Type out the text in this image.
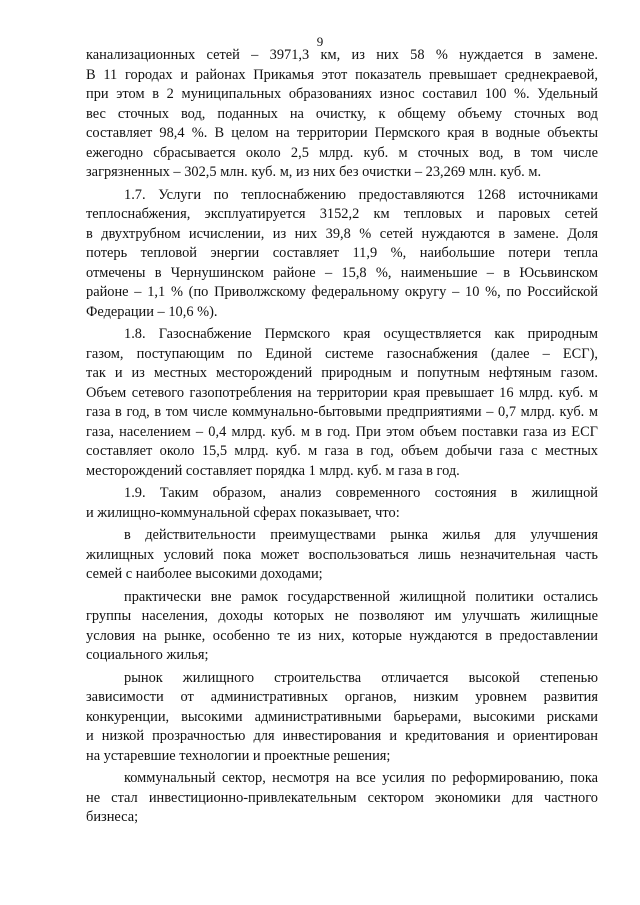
9
канализационных сетей – 3971,3 км, из них 58 % нуждается в замене.
В 11 городах и районах Прикамья этот показатель превышает среднекраевой,
при этом в 2 муниципальных образованиях износ составил 100 %. Удельный
вес сточных вод, поданных на очистку, к общему объему сточных вод
составляет 98,4 %. В целом на территории Пермского края в водные объекты
ежегодно сбрасывается около 2,5 млрд. куб. м сточных вод, в том числе
загрязненных – 302,5 млн. куб. м, из них без очистки – 23,269 млн. куб. м.
1.7. Услуги по теплоснабжению предоставляются 1268 источниками
теплоснабжения, эксплуатируется 3152,2 км тепловых и паровых сетей
в двухтрубном исчислении, из них 39,8 % сетей нуждаются в замене. Доля
потерь тепловой энергии составляет 11,9 %, наибольшие потери тепла
отмечены в Чернушинском районе – 15,8 %, наименьшие – в Юсьвинском
районе – 1,1 % (по Приволжскому федеральному округу – 10 %, по Российской
Федерации – 10,6 %).
1.8. Газоснабжение Пермского края осуществляется как природным
газом, поступающим по Единой системе газоснабжения (далее – ЕСГ),
так и из местных месторождений природным и попутным нефтяным газом.
Объем сетевого газопотребления на территории края превышает 16 млрд. куб. м
газа в год, в том числе коммунально-бытовыми предприятиями – 0,7 млрд. куб. м
газа, населением – 0,4 млрд. куб. м в год. При этом объем поставки газа из ЕСГ
составляет около 15,5 млрд. куб. м газа в год, объем добычи газа с местных
месторождений составляет порядка 1 млрд. куб. м газа в год.
1.9. Таким образом, анализ современного состояния в жилищной
и жилищно-коммунальной сферах показывает, что:
в действительности преимуществами рынка жилья для улучшения
жилищных условий пока может воспользоваться лишь незначительная часть
семей с наиболее высокими доходами;
практически вне рамок государственной жилищной политики остались
группы населения, доходы которых не позволяют им улучшать жилищные
условия на рынке, особенно те из них, которые нуждаются в предоставлении
социального жилья;
рынок жилищного строительства отличается высокой степенью
зависимости от административных органов, низким уровнем развития
конкуренции, высокими административными барьерами, высокими рисками
и низкой прозрачностью для инвестирования и кредитования и ориентирован
на устаревшие технологии и проектные решения;
коммунальный сектор, несмотря на все усилия по реформированию, пока
не стал инвестиционно-привлекательным сектором экономики для частного
бизнеса;
